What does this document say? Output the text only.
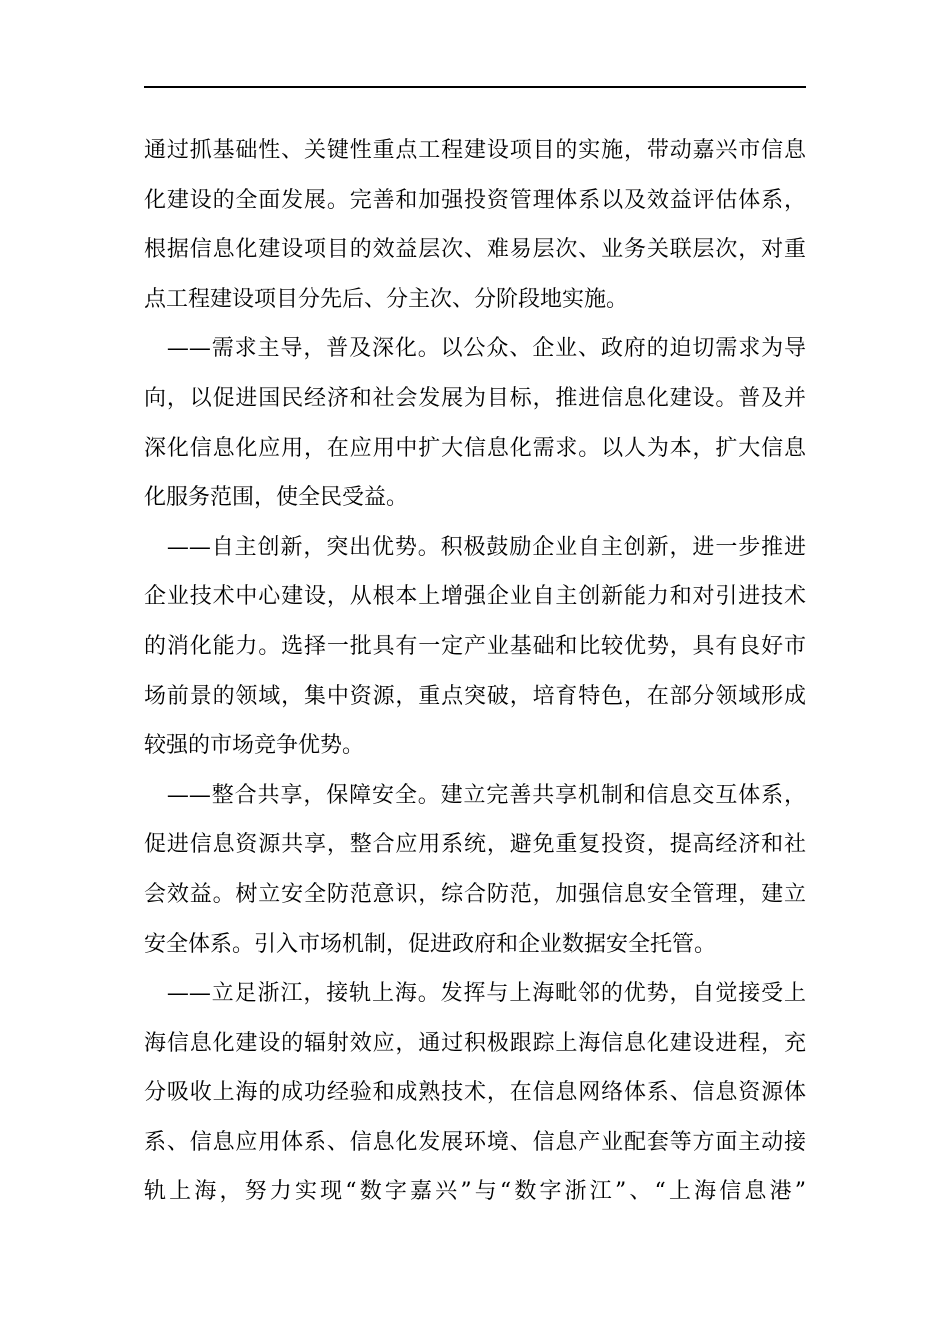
通过抓基础性、关键性重点工程建设项目的实施，带动嘉兴市信息
化建设的全面发展。完善和加强投资管理体系以及效益评估体系，
根据信息化建设项目的效益层次、难易层次、业务关联层次，对重
点工程建设项目分先后、分主次、分阶段地实施。
　——需求主导，普及深化。以公众、企业、政府的迫切需求为导
向，以促进国民经济和社会发展为目标，推进信息化建设。普及并
深化信息化应用，在应用中扩大信息化需求。以人为本，扩大信息
化服务范围，使全民受益。
　——自主创新，突出优势。积极鼓励企业自主创新，进一步推进
企业技术中心建设，从根本上增强企业自主创新能力和对引进技术
的消化能力。选择一批具有一定产业基础和比较优势，具有良好市
场前景的领域，集中资源，重点突破，培育特色，在部分领域形成
较强的市场竞争优势。
　——整合共享，保障安全。建立完善共享机制和信息交互体系，
促进信息资源共享，整合应用系统，避免重复投资，提高经济和社
会效益。树立安全防范意识，综合防范，加强信息安全管理，建立
安全体系。引入市场机制，促进政府和企业数据安全托管。
　——立足浙江，接轨上海。发挥与上海毗邻的优势，自觉接受上
海信息化建设的辐射效应，通过积极跟踪上海信息化建设进程，充
分吸收上海的成功经验和成熟技术，在信息网络体系、信息资源体
系、信息应用体系、信息化发展环境、信息产业配套等方面主动接
轨上海，努力实现“数字嘉兴”与“数字浙江”、“上海信息港”
